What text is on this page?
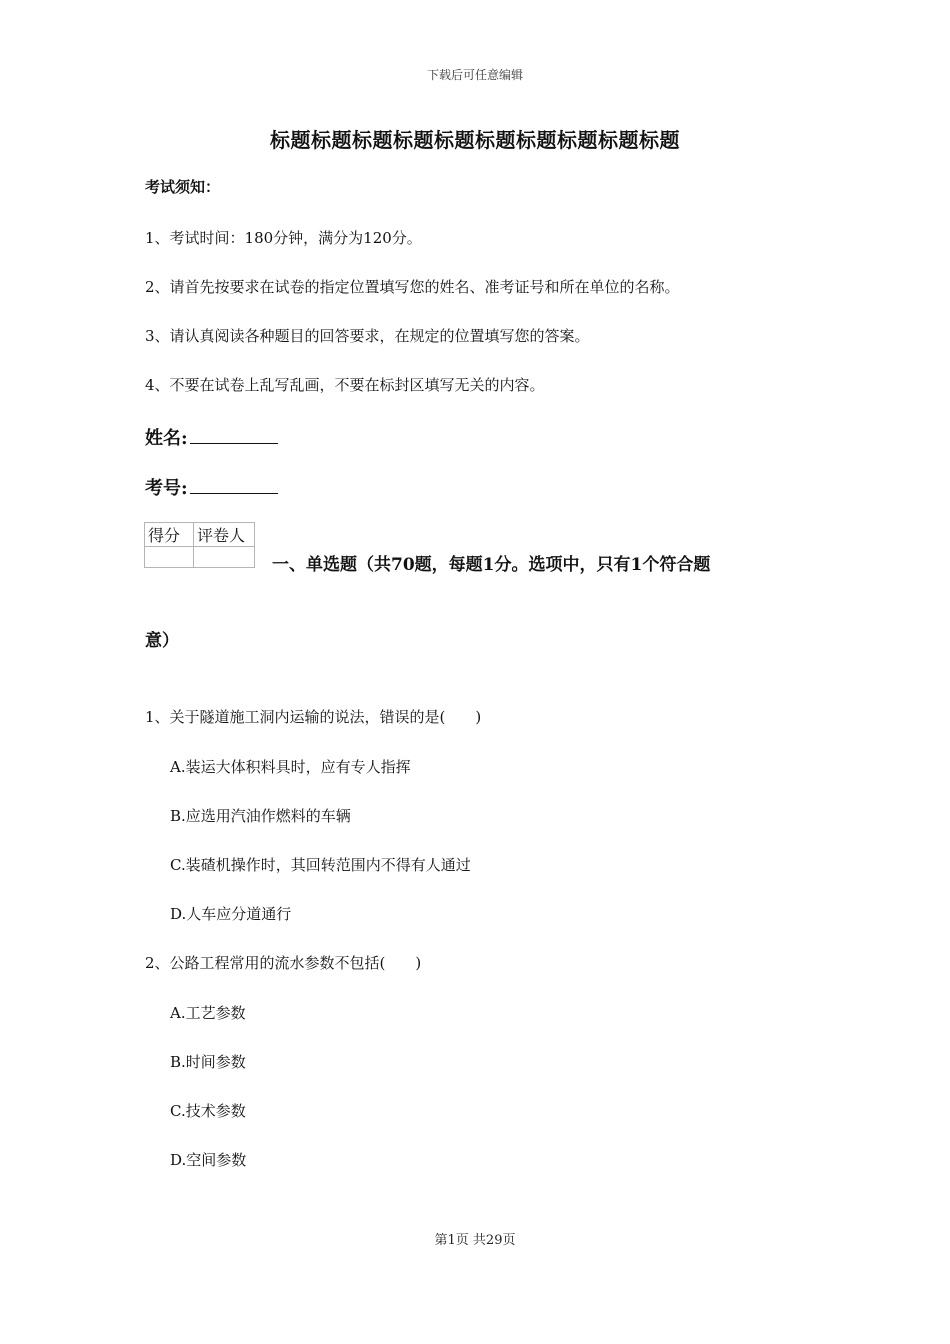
下载后可任意编辑
标题标题标题标题标题标题标题标题标题标题
考试须知：
1、考试时间：180分钟，满分为120分。
2、请首先按要求在试卷的指定位置填写您的姓名、准考证号和所在单位的名称。
3、请认真阅读各种题目的回答要求，在规定的位置填写您的答案。
4、不要在试卷上乱写乱画，不要在标封区填写无关的内容。
姓名:
考号:
得分	评卷人

一、单选题（共70题，每题1分。选项中，只有1个符合题
意）
1、关于隧道施工洞内运输的说法，错误的是(　　)
A.装运大体积料具时，应有专人指挥
B.应选用汽油作燃料的车辆
C.装碴机操作时，其回转范围内不得有人通过
D.人车应分道通行
2、公路工程常用的流水参数不包括(　　)
A.工艺参数
B.时间参数
C.技术参数
D.空间参数
第1页 共29页
